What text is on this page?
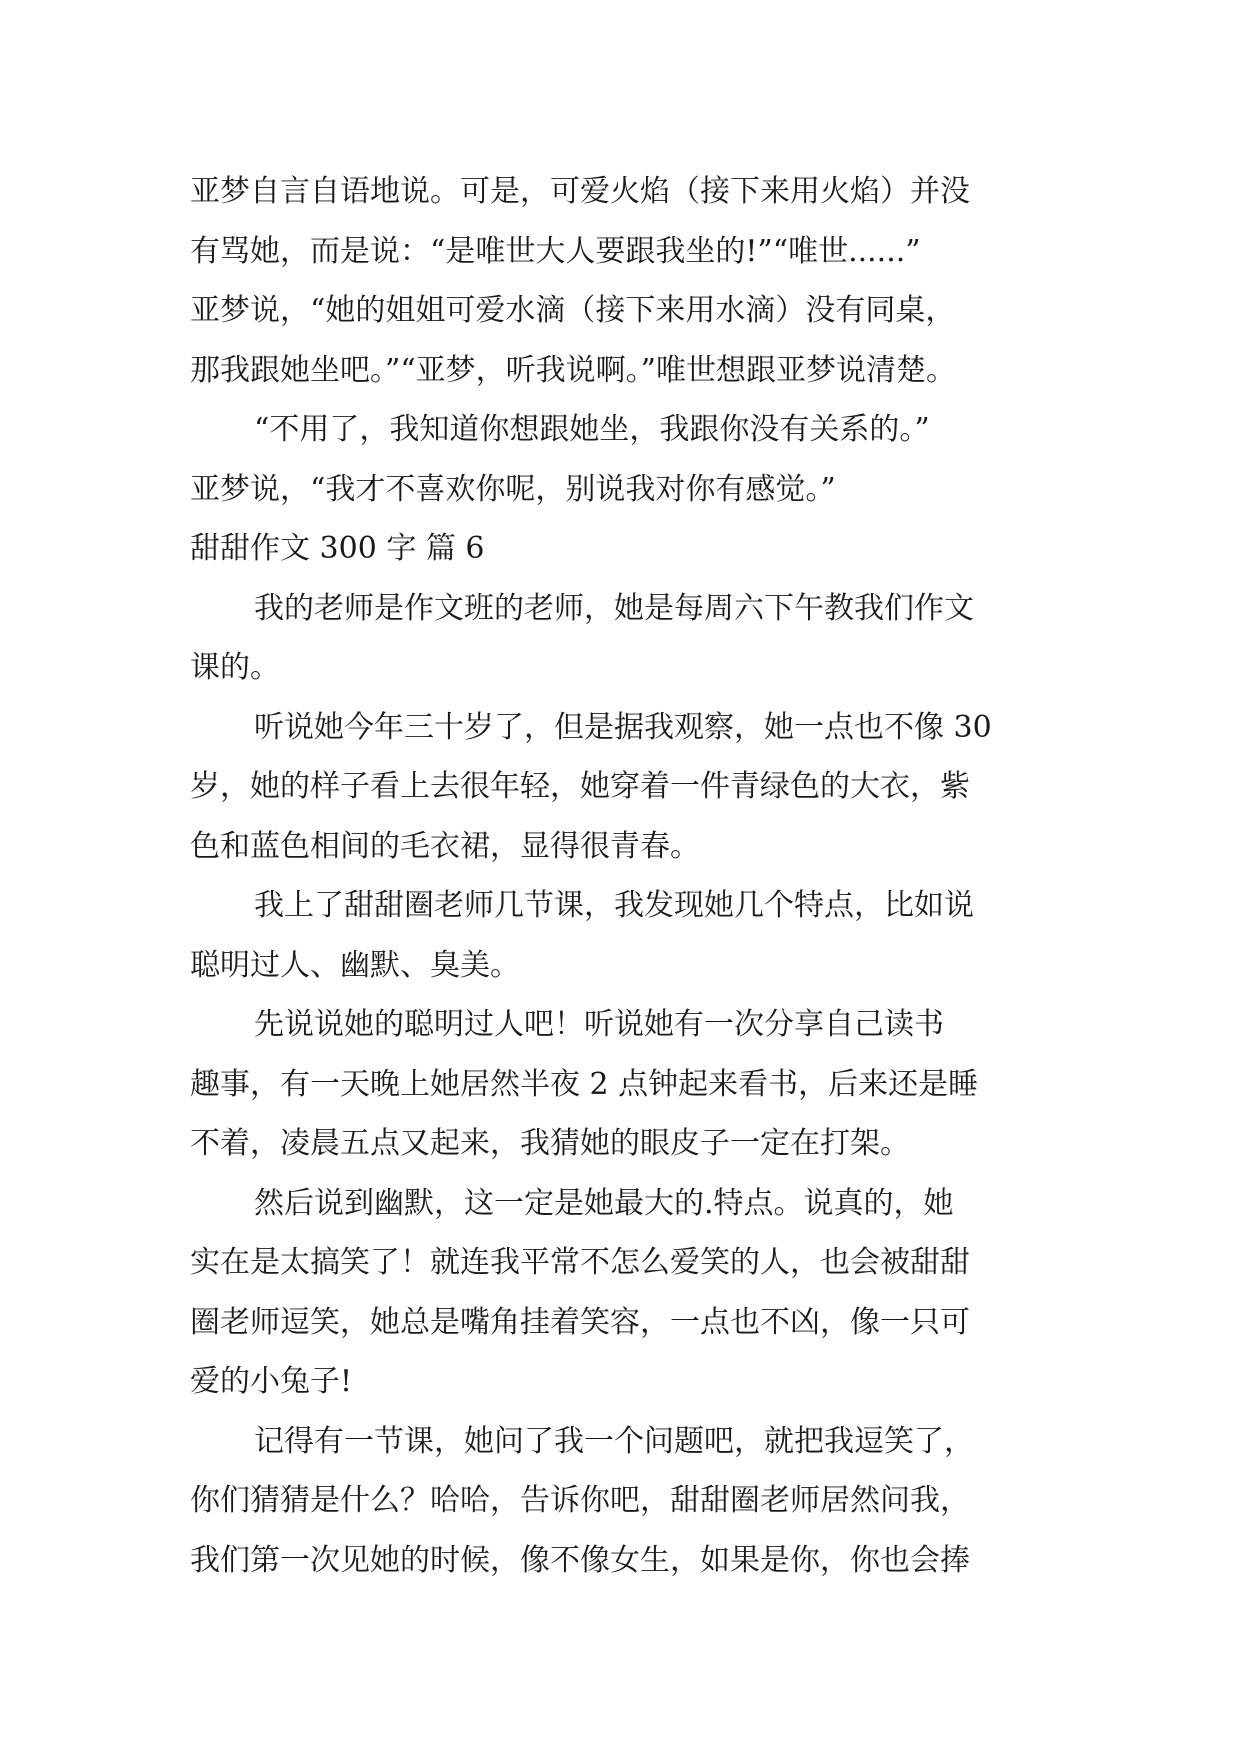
亚梦自言自语地说。可是，可爱火焰（接下来用火焰）并没
有骂她，而是说：“是唯世大人要跟我坐的!”“唯世......”
亚梦说，“她的姐姐可爱水滴（接下来用水滴）没有同桌，
那我跟她坐吧。”“亚梦，听我说啊。”唯世想跟亚梦说清楚。
“不用了，我知道你想跟她坐，我跟你没有关系的。”
亚梦说，“我才不喜欢你呢，别说我对你有感觉。”
甜甜作文 300 字 篇 6
我的老师是作文班的老师，她是每周六下午教我们作文
课的。
听说她今年三十岁了，但是据我观察，她一点也不像 30
岁，她的样子看上去很年轻，她穿着一件青绿色的大衣，紫
色和蓝色相间的毛衣裙，显得很青春。
我上了甜甜圈老师几节课，我发现她几个特点，比如说
聪明过人、幽默、臭美。
先说说她的聪明过人吧！听说她有一次分享自己读书
趣事，有一天晚上她居然半夜 2 点钟起来看书，后来还是睡
不着，凌晨五点又起来，我猜她的眼皮子一定在打架。
然后说到幽默，这一定是她最大的.特点。说真的，她
实在是太搞笑了！就连我平常不怎么爱笑的人，也会被甜甜
圈老师逗笑，她总是嘴角挂着笑容，一点也不凶，像一只可
爱的小兔子!
记得有一节课，她问了我一个问题吧，就把我逗笑了，
你们猜猜是什么？哈哈，告诉你吧，甜甜圈老师居然问我，
我们第一次见她的时候，像不像女生，如果是你，你也会捧
